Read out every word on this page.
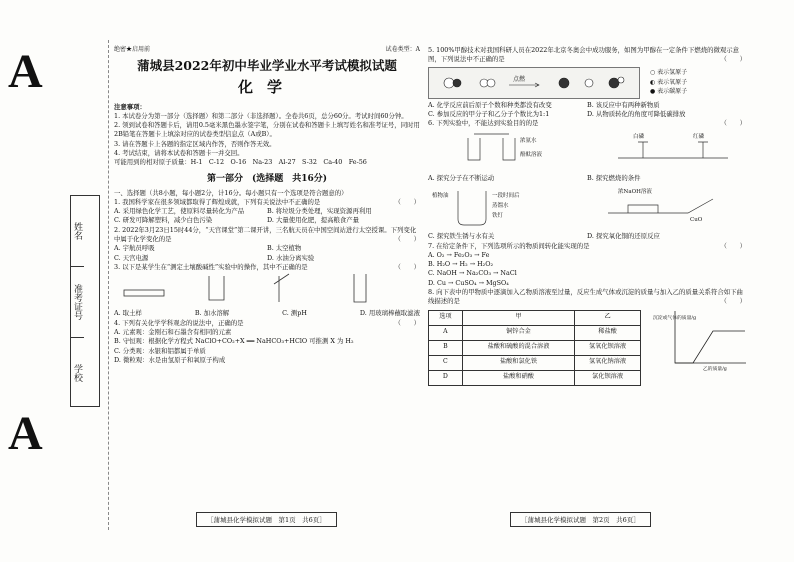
A
A
姓名
准考证号
学校
绝密★启用前	试卷类型：A
蒲城县2022年初中毕业学业水平考试模拟试题
化学

注意事项：

1. 本试卷分为第一部分（选择题）和第二部分（非选择题）。全卷共6页，总分60分。考试时间60分钟。

2. 领到试卷和答题卡后，请用0.5毫米黑色墨水签字笔，分别在试卷和答题卡上填写姓名和准考证号，同时用2B铅笔在答题卡上填涂对应的试卷类型信息点（A或B）。

3. 请在答题卡上各题的指定区域内作答，否则作答无效。

4. 考试结束，请将本试卷和答题卡一并交回。

可能用到的相对原子质量：H-1　C-12　O-16　Na-23　Al-27　S-32　Ca-40　Fe-56

第一部分　(选择题　共16分)

一、选择题（共8小题，每小题2分，计16分。每小题只有一个选项是符合题意的）

1. 我国科学家在很多领域都取得了辉煌成就，下列有关说法中不正确的是	（　　）

A. 采用绿色化学工艺，使原料尽量转化为产品	B. 将垃圾分类处理，实现资源再利用
C. 研发可降解塑料，减少白色污染	D. 大量使用化肥，提高粮食产量

2. 2022年3月23日15时44分，“天宫课堂”第二课开讲，三名航天员在中国空间站进行太空授课。下列变化中属于化学变化的是	（　　）

A. 宇航员呼吸	B. 太空植物
C. 天宫电源	D. 水油分离实验

3. 以下是某学生在“测定土壤酸碱性”实验中的操作，其中不正确的是	（　　）

A. 取土样	B. 加水溶解	C. 测pH	D. 用玻璃棒蘸取滤液

4. 下列有关化学学科观念的说法中，正确的是	（　　）

A. 元素观：金刚石和石墨含有相同的元素

B. 守恒观：根据化学方程式 NaClO+CO₂+X ══ NaHCO₃+HClO 可推测 X 为 H₂

C. 分类观：水银和铝都属于单质

D. 微粒观：水是由氢原子和氧原子构成

5. 100%甲醇技术对我国科研人员在2022年北京冬奥会中成功服务，如图为甲醇在一定条件下燃烧的微观示意图，下列说法中不正确的是	（　　）

点燃
○ 表示氢原子
◐ 表示氧原子
● 表示碳原子
A. 化学反应前后原子个数和种类都没有改变	B. 该反应中有两种新物质
C. 参加反应的甲分子和乙分子个数比为1:1	D. 从物质转化的角度可降低碳排放

6. 下列实验中，不能达到实验目的的是	（　　）

浓氨水
酚酞溶液
白磷	红磷
A. 探究分子在不断运动	B. 探究燃烧的条件
植物油	一段时间后
蒸馏水
铁钉
浓NaOH溶液
CuO
C. 探究铁生锈与水有关	D. 探究氧化铜的还原反应

7. 在给定条件下，下列选项所示的物质间转化能实现的是	（　　）

A. O₂ → Fe₂O₃ → Fe

B. H₂O → H₂ → H₂O₂

C. NaOH → Na₂CO₃ → NaCl

D. Cu → CuSO₄ → MgSO₄

8. 向下表中的甲物质中逐滴加入乙物质溶液至过量，反应生成气体或沉淀的质量与加入乙的质量关系符合如下曲线描述的是	（　　）

选项	甲	乙
A	铜锌合金	稀盐酸
B	盐酸和硫酸的混合溶液	氢氧化钡溶液
C	盐酸和氯化铁	氢氧化钠溶液
D	盐酸和硝酸	氯化钡溶液
沉淀或气体的质量/g
乙的质量/g
［蒲城县化学模拟试题　第1页　共6页］	［蒲城县化学模拟试题　第2页　共6页］
